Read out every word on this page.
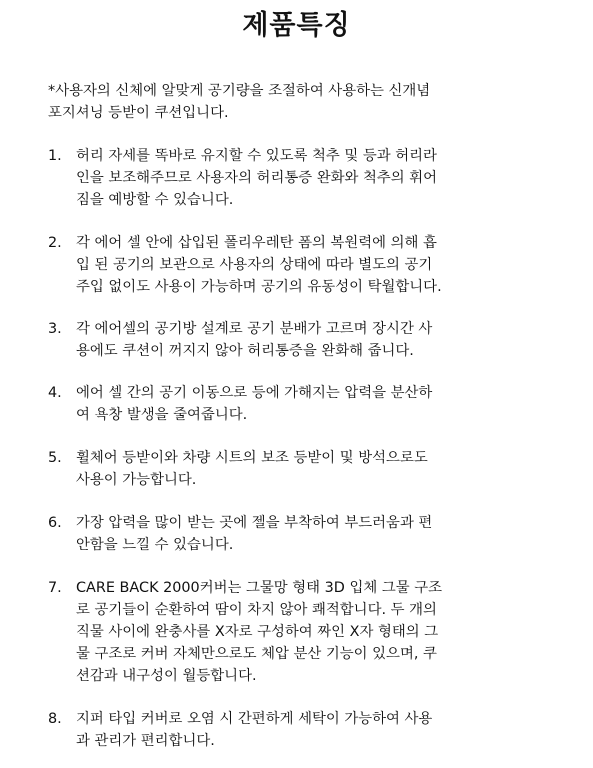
제품특징
*사용자의 신체에 알맞게 공기량을 조절하여 사용하는 신개념
포지셔닝 등받이 쿠션입니다.
1. 허리 자세를 똑바로 유지할 수 있도록 척추 및 등과 허리라
인을 보조해주므로 사용자의 허리통증 완화와 척추의 휘어
짐을 예방할 수 있습니다.
2. 각 에어 셀 안에 삽입된 폴리우레탄 폼의 복원력에 의해 흡
입 된 공기의 보관으로 사용자의 상태에 따라 별도의 공기
주입 없이도 사용이 가능하며 공기의 유동성이 탁월합니다.
3. 각 에어셀의 공기방 설계로 공기 분배가 고르며 장시간 사
용에도 쿠션이 꺼지지 않아 허리통증을 완화해 줍니다.
4. 에어 셀 간의 공기 이동으로 등에 가해지는 압력을 분산하
여 욕창 발생을 줄여줍니다.
5. 휠체어 등받이와 차량 시트의 보조 등받이 및 방석으로도
사용이 가능합니다.
6. 가장 압력을 많이 받는 곳에 젤을 부착하여 부드러움과 편
안함을 느낄 수 있습니다.
7. CARE BACK 2000커버는 그물망 형태 3D 입체 그물 구조
로 공기들이 순환하여 땀이 차지 않아 쾌적합니다. 두 개의
직물 사이에 완충사를 X자로 구성하여 짜인 X자 형태의 그
물 구조로 커버 자체만으로도 체압 분산 기능이 있으며, 쿠
션감과 내구성이 월등합니다.
8. 지퍼 타입 커버로 오염 시 간편하게 세탁이 가능하여 사용
과 관리가 편리합니다.
